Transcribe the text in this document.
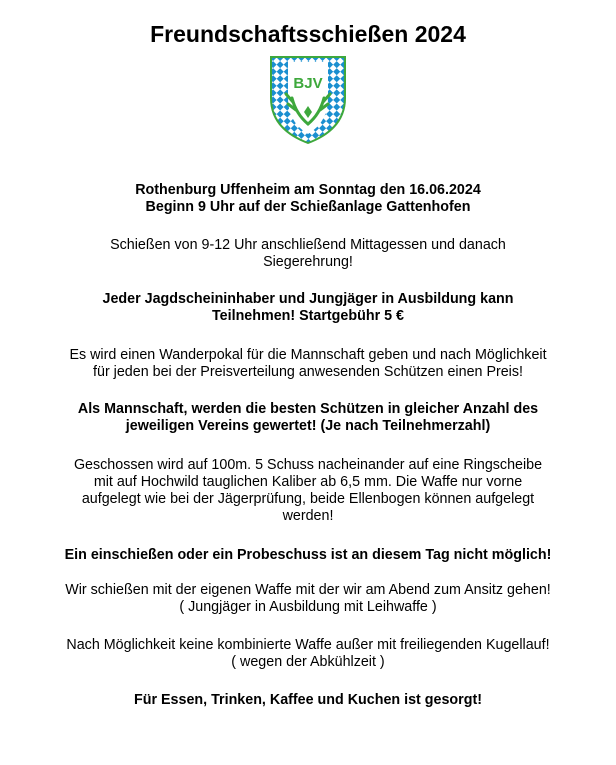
Freundschaftsschießen 2024
BJV
Rothenburg Uffenheim am Sonntag den 16.06.2024
Beginn 9 Uhr auf der Schießanlage Gattenhofen
Schießen von 9-12 Uhr anschließend Mittagessen und danach
Siegerehrung!
Jeder Jagdscheininhaber und Jungjäger in Ausbildung kann
Teilnehmen! Startgebühr 5 €
Es wird einen Wanderpokal für die Mannschaft geben und nach Möglichkeit
für jeden bei der Preisverteilung anwesenden Schützen einen Preis!
Als Mannschaft, werden die besten Schützen in gleicher Anzahl des
jeweiligen Vereins gewertet! (Je nach Teilnehmerzahl)
Geschossen wird auf 100m. 5 Schuss nacheinander auf eine Ringscheibe
mit auf Hochwild tauglichen Kaliber ab 6,5 mm. Die Waffe nur vorne
aufgelegt wie bei der Jägerprüfung, beide Ellenbogen können aufgelegt
werden!
Ein einschießen oder ein Probeschuss ist an diesem Tag nicht möglich!
Wir schießen mit der eigenen Waffe mit der wir am Abend zum Ansitz gehen!
( Jungjäger in Ausbildung mit Leihwaffe )
Nach Möglichkeit keine kombinierte Waffe außer mit freiliegenden Kugellauf!
( wegen der Abkühlzeit )
Für Essen, Trinken, Kaffee und Kuchen ist gesorgt!
